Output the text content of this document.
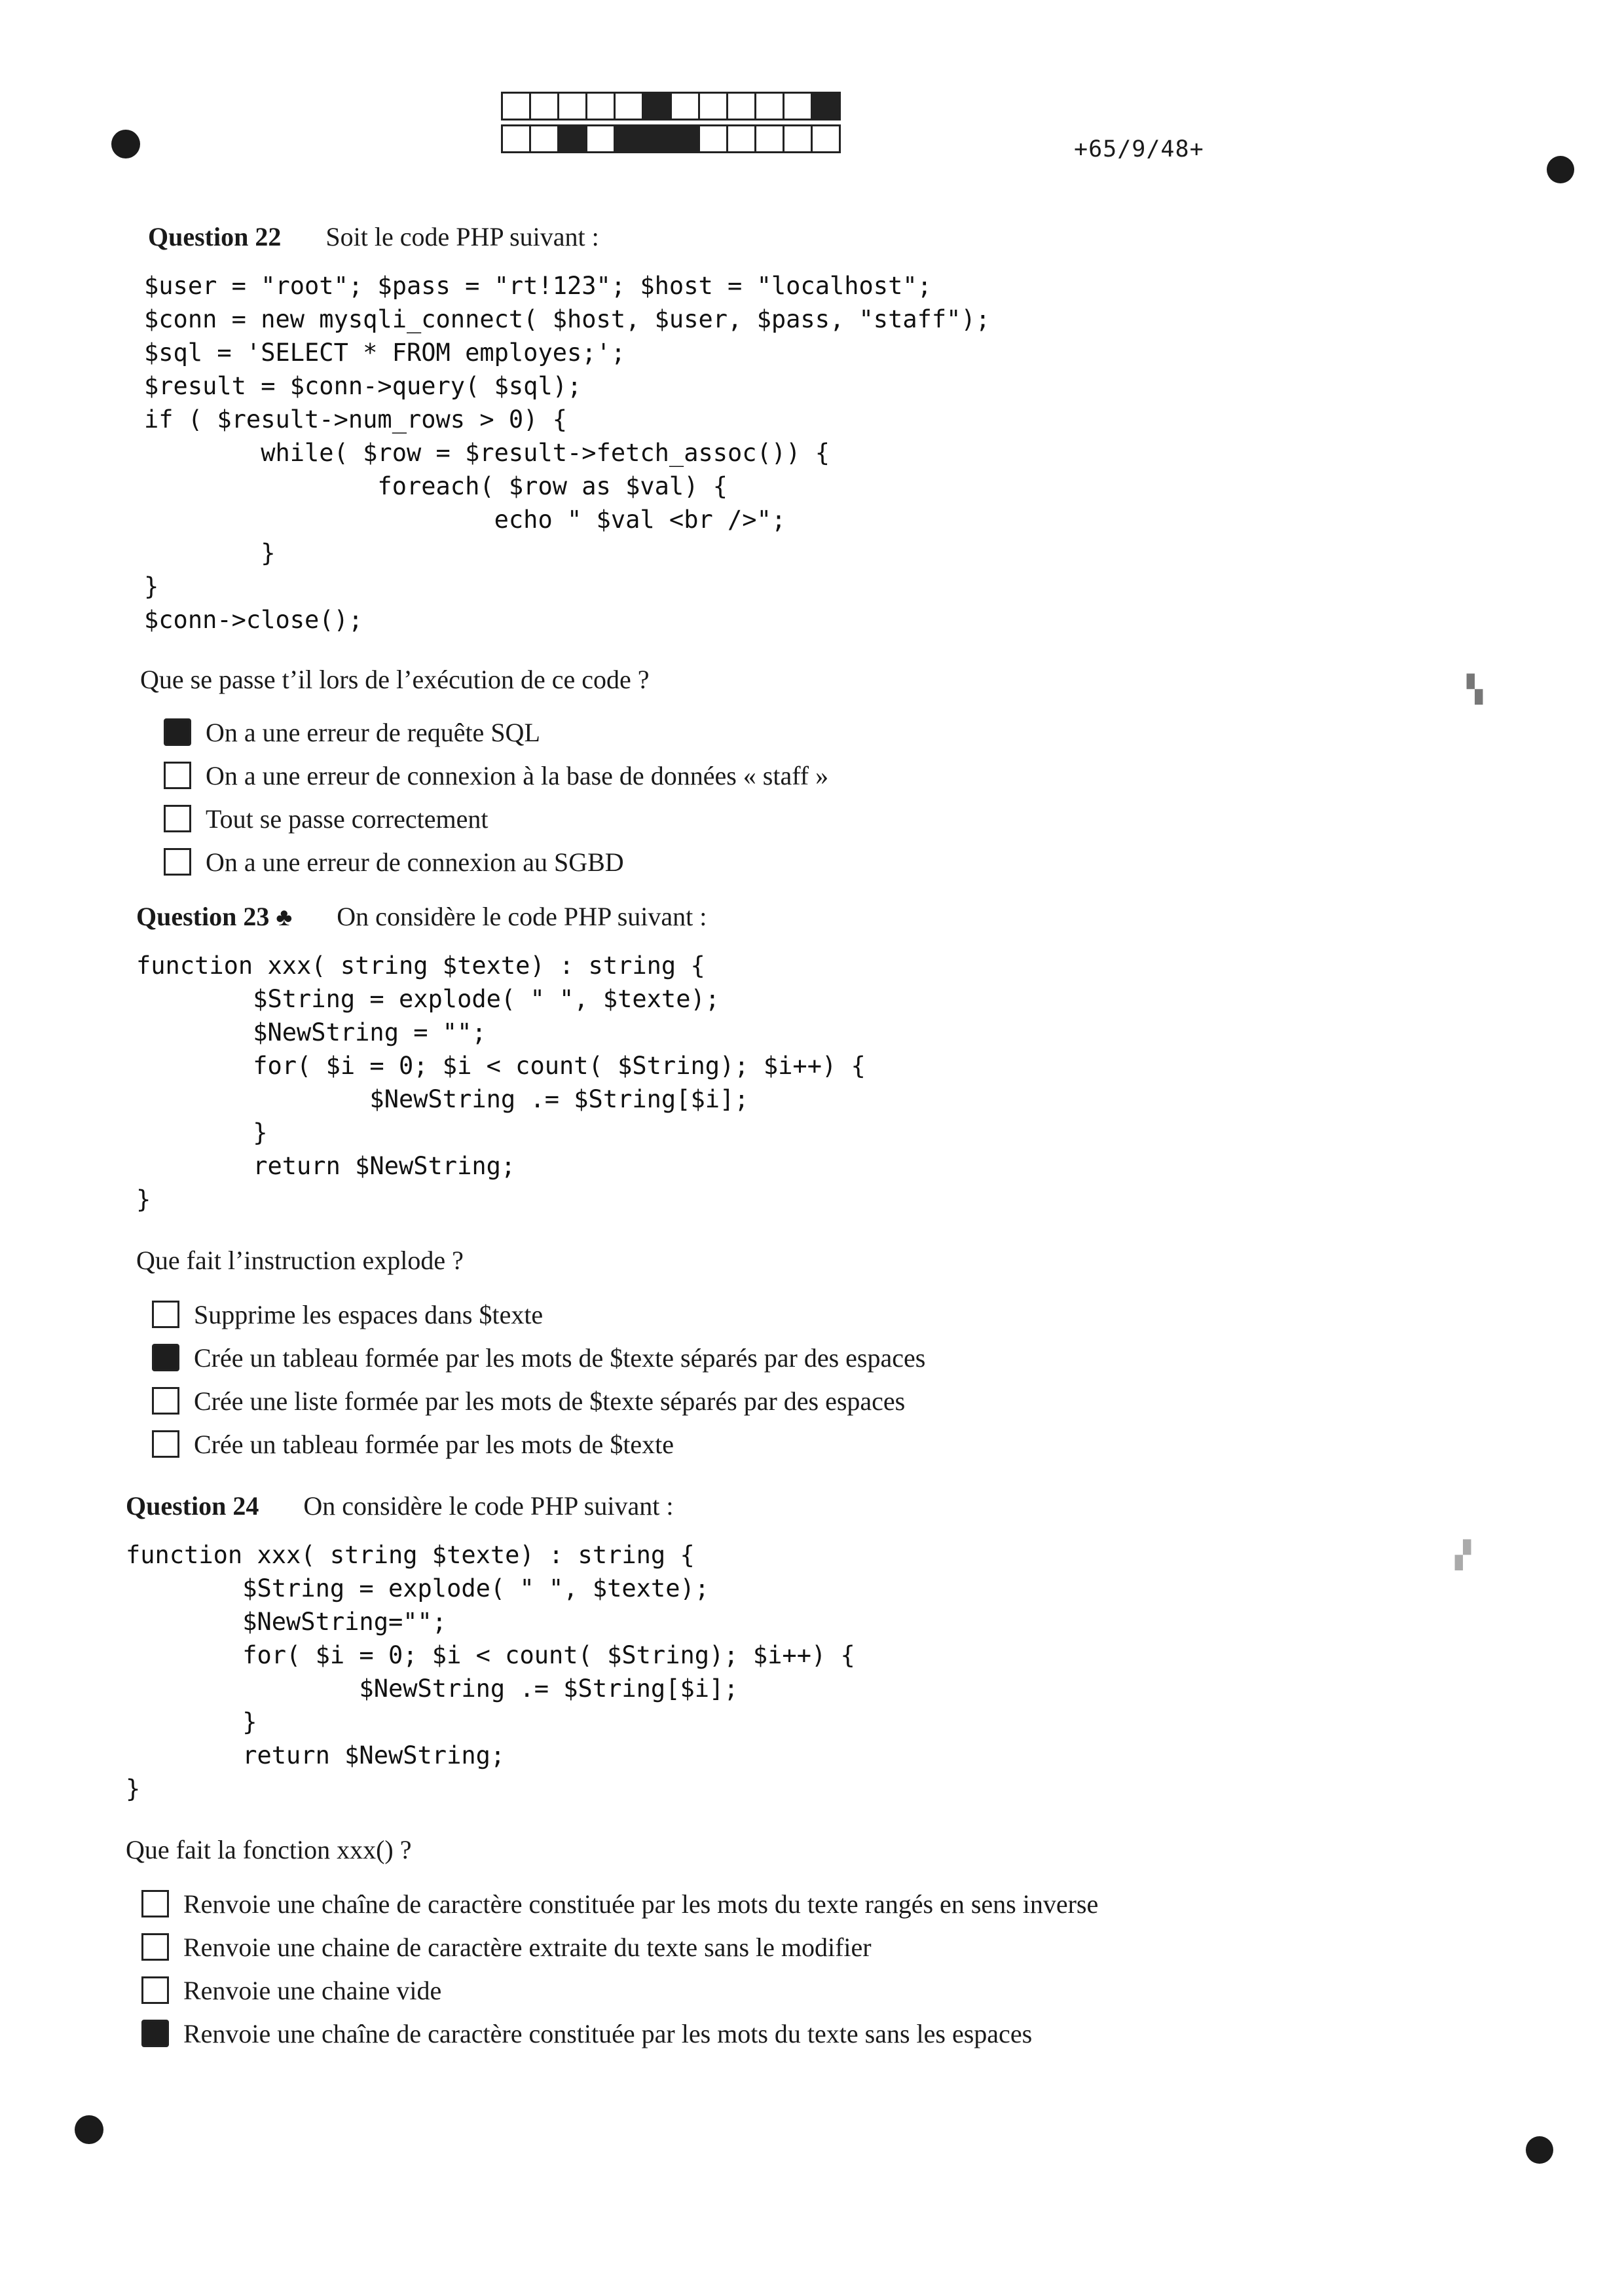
+65/9/48+
▚
▞
Question 22 Soit le code PHP suivant :
$user = "root"; $pass = "rt!123"; $host = "localhost";
$conn = new mysqli_connect( $host, $user, $pass, "staff");
$sql = 'SELECT * FROM employes;';
$result = $conn->query( $sql);
if ( $result->num_rows > 0) {
while( $row = $result->fetch_assoc()) {
foreach( $row as $val) {
echo " $val <br />";
}
}
$conn->close();
Que se passe t’il lors de l’exécution de ce code ?
On a une erreur de requête SQL
On a une erreur de connexion à la base de données « staff »
Tout se passe correctement
On a une erreur de connexion au SGBD
Question 23 ♣ On considère le code PHP suivant :
function xxx( string $texte) : string {
$String = explode( " ", $texte);
$NewString = "";
for( $i = 0; $i < count( $String); $i++) {
$NewString .= $String[$i];
}
return $NewString;
}
Que fait l’instruction explode ?
Supprime les espaces dans $texte
Crée un tableau formée par les mots de $texte séparés par des espaces
Crée une liste formée par les mots de $texte séparés par des espaces
Crée un tableau formée par les mots de $texte
Question 24 On considère le code PHP suivant :
function xxx( string $texte) : string {
$String = explode( " ", $texte);
$NewString="";
for( $i = 0; $i < count( $String); $i++) {
$NewString .= $String[$i];
}
return $NewString;
}
Que fait la fonction xxx() ?
Renvoie une chaîne de caractère constituée par les mots du texte rangés en sens inverse
Renvoie une chaine de caractère extraite du texte sans le modifier
Renvoie une chaine vide
Renvoie une chaîne de caractère constituée par les mots du texte sans les espaces
